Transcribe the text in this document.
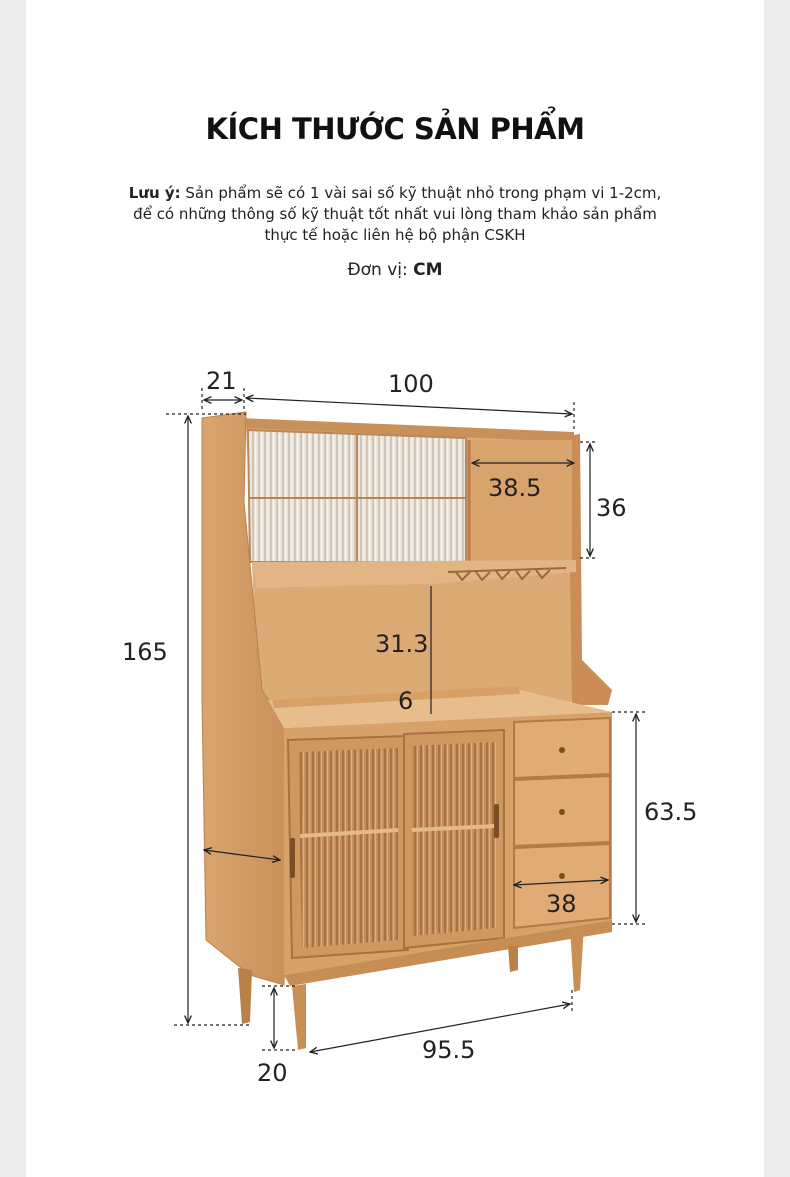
KÍCH THƯỚC SẢN PHẨM
Lưu ý: Sản phẩm sẽ có 1 vài sai số kỹ thuật nhỏ trong phạm vi 1-2cm,
để có những thông số kỹ thuật tốt nhất vui lòng tham khảo sản phẩm
thực tế hoặc liên hệ bộ phận CSKH
Đơn vị: CM
21	100
165
38.5
36
31.3
6
63.5
38
95.5
20
